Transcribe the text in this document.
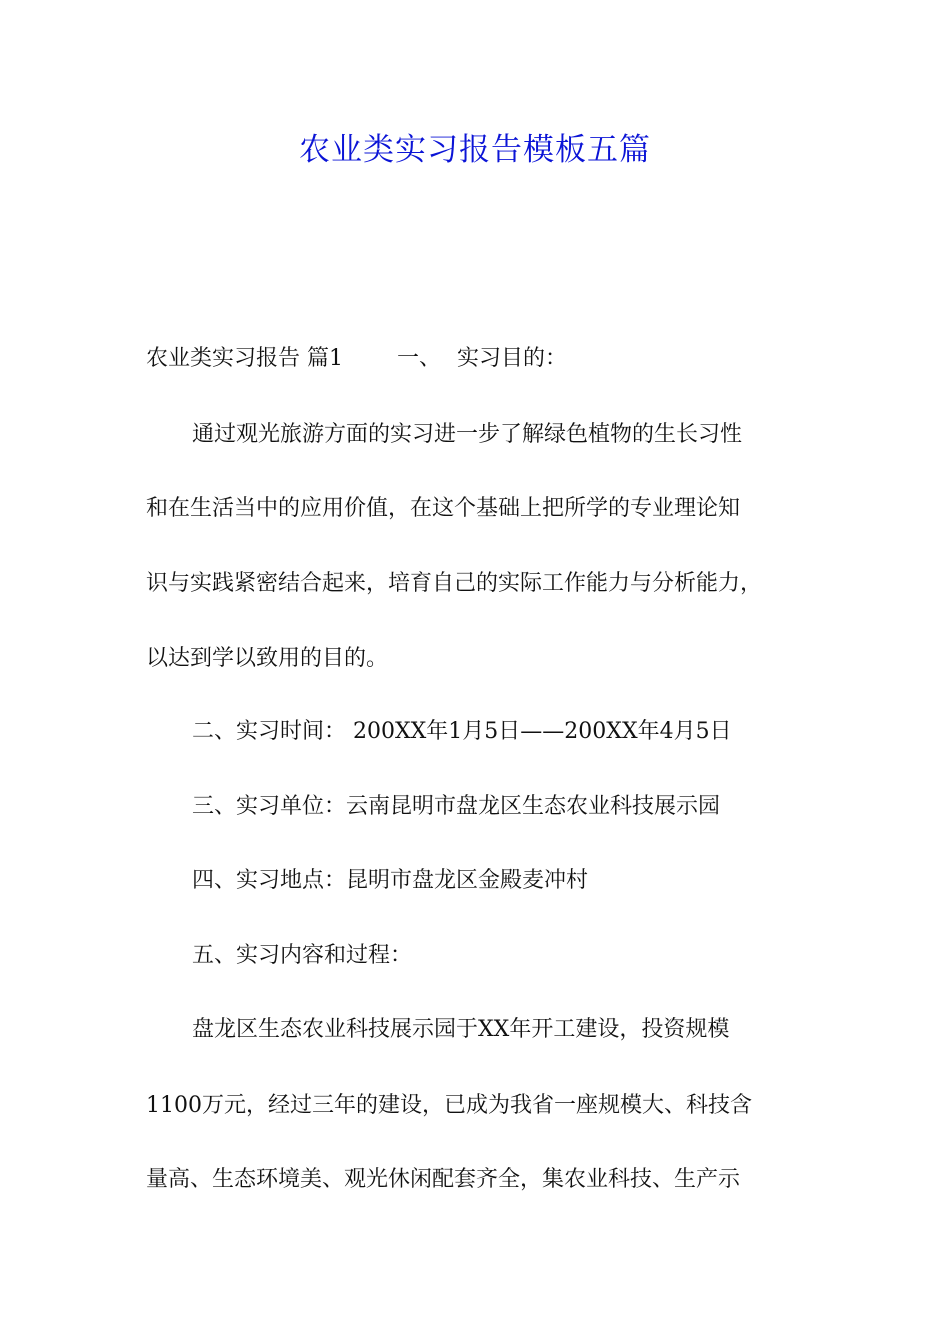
农业类实习报告模板五篇

农业类实习报告 篇1 一、 实习目的：

通过观光旅游方面的实习进一步了解绿色植物的生长习性

和在生活当中的应用价值，在这个基础上把所学的专业理论知

识与实践紧密结合起来，培育自己的实际工作能力与分析能力，

以达到学以致用的目的。

二、实习时间： 200XX年1月5日——200XX年4月5日

三、实习单位：云南昆明市盘龙区生态农业科技展示园

四、实习地点：昆明市盘龙区金殿麦冲村

五、实习内容和过程：

盘龙区生态农业科技展示园于XX年开工建设，投资规模

1100万元，经过三年的建设，已成为我省一座规模大、科技含

量高、生态环境美、观光休闲配套齐全，集农业科技、生产示
